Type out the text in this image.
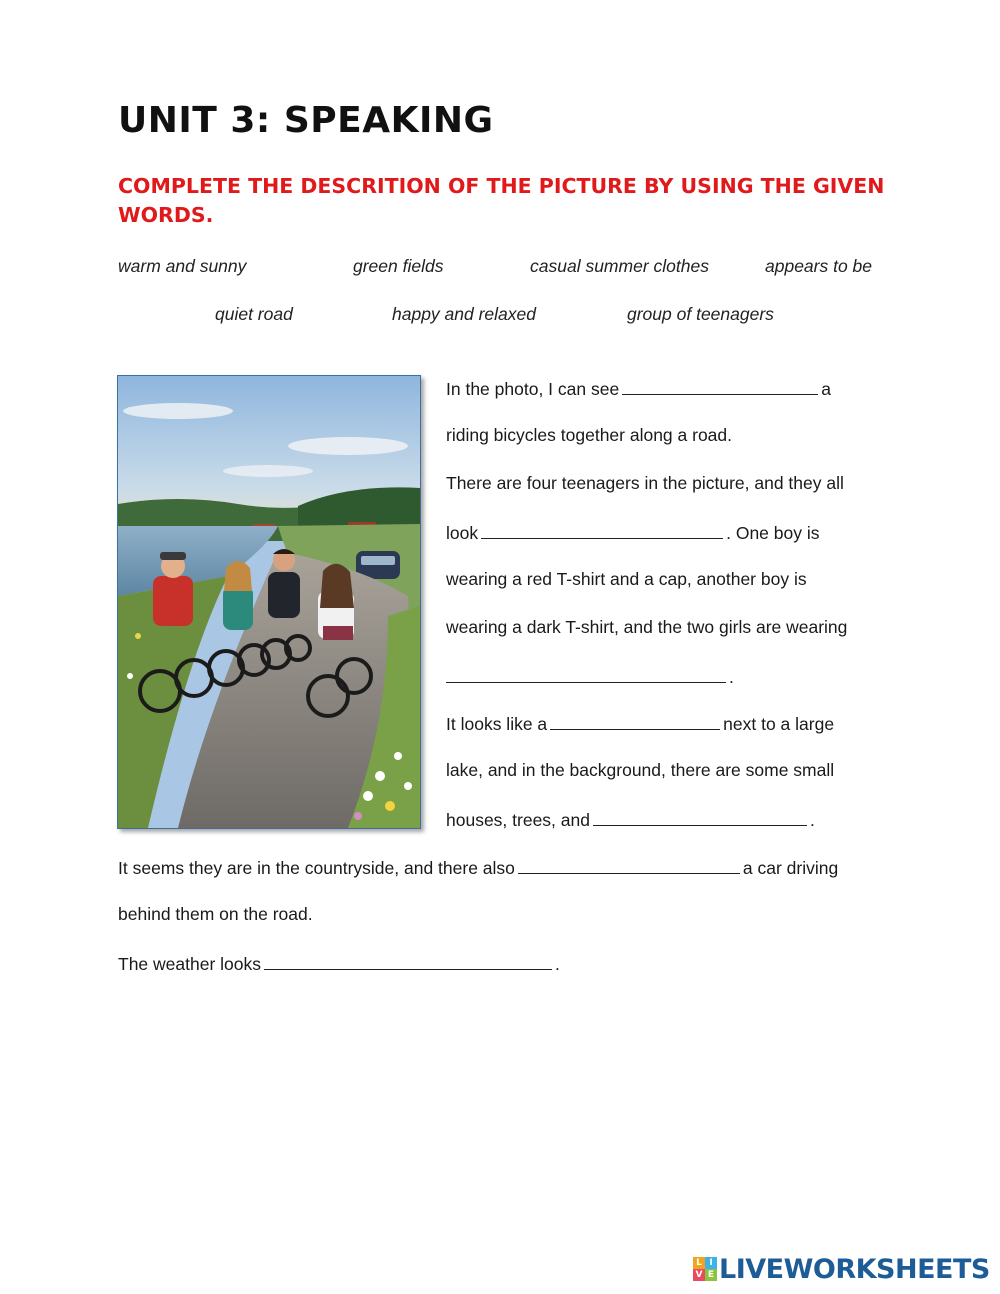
UNIT 3: SPEAKING

COMPLETE THE DESCRITION OF THE PICTURE BY USING THE GIVEN WORDS.

warm and sunny	green fields	casual summer clothes	appears to be
quiet road	happy and relaxed	group of teenagers
In the photo, I can see	a
riding bicycles together along a road.
There are four teenagers in the picture, and they all
look	. One boy is
wearing a red T-shirt and a cap, another boy is
wearing a dark T-shirt, and the two girls are wearing
.
It looks like a	next to a large
lake, and in the background, there are some small
houses, trees, and	.
It seems they are in the countryside, and there also	a car driving
behind them on the road.
The weather looks	.
L I
V E LIVEWORKSHEETS
